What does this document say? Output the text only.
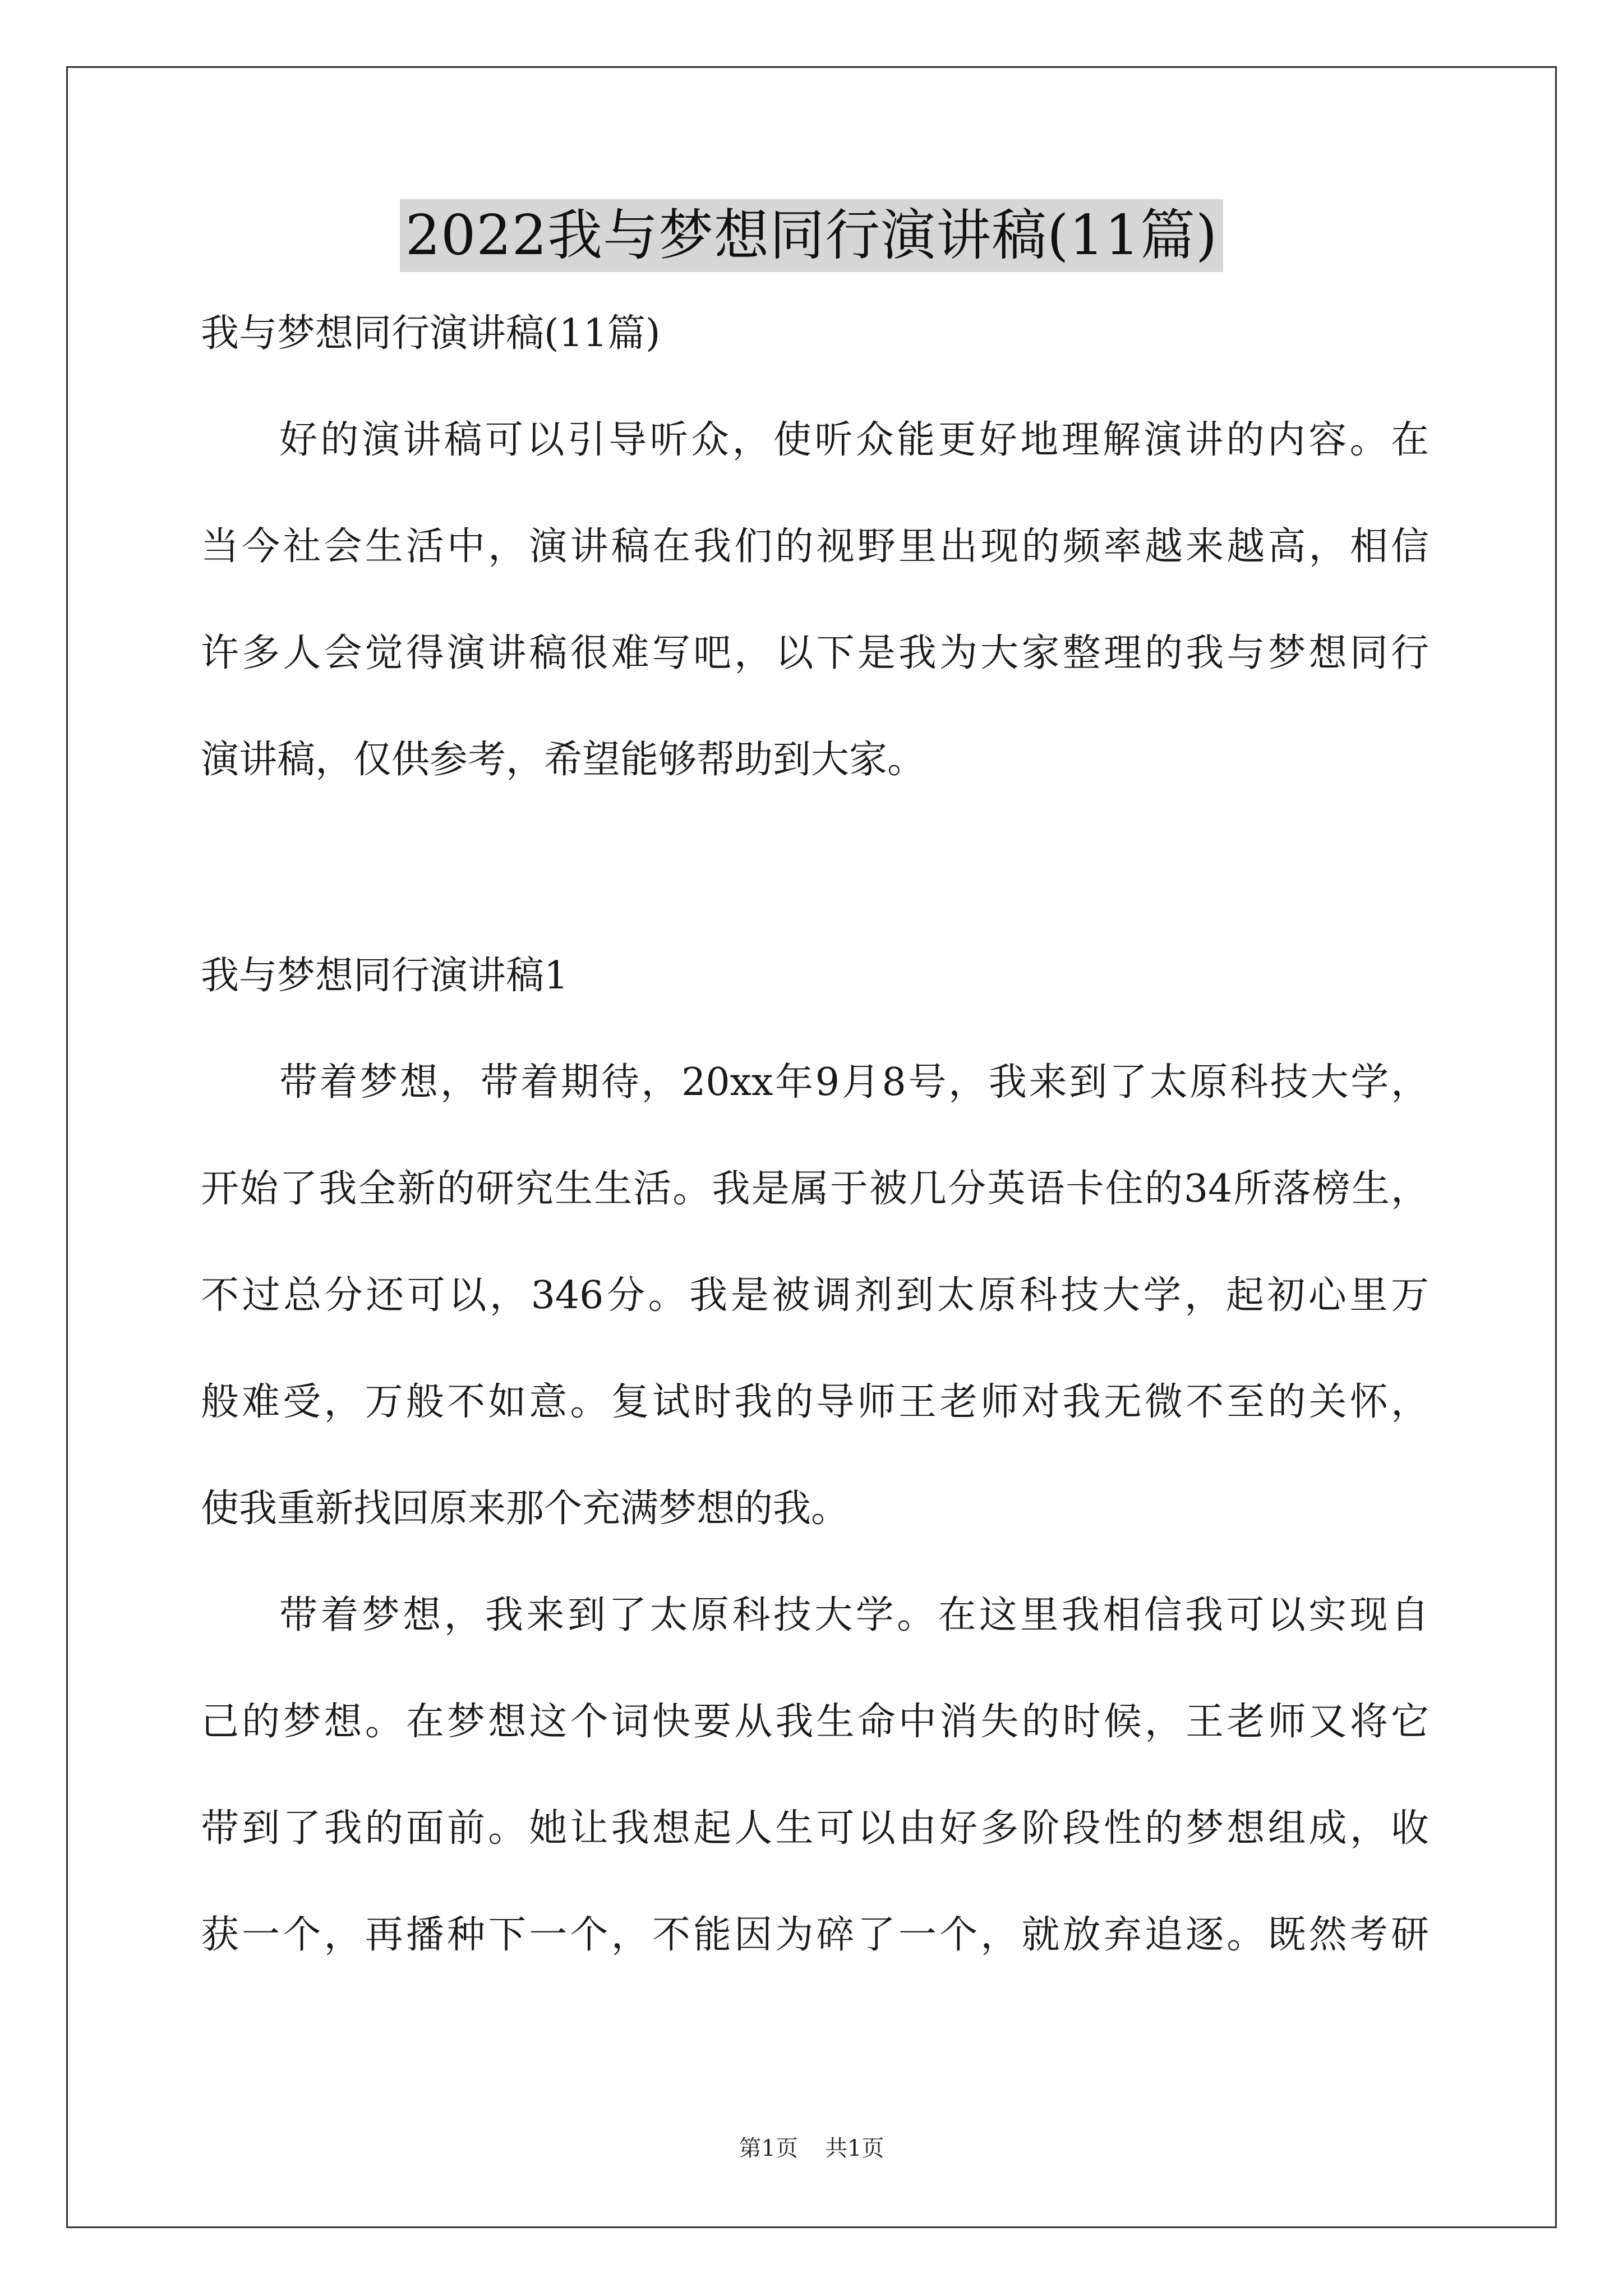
2022我与梦想同行演讲稿(11篇)
我与梦想同行演讲稿(11篇)
好的演讲稿可以引导听众，使听众能更好地理解演讲的内容。在
当今社会生活中，演讲稿在我们的视野里出现的频率越来越高，相信
许多人会觉得演讲稿很难写吧，以下是我为大家整理的我与梦想同行
演讲稿，仅供参考，希望能够帮助到大家。
我与梦想同行演讲稿1
带着梦想，带着期待，20xx年9月8号，我来到了太原科技大学，
开始了我全新的研究生生活。我是属于被几分英语卡住的34所落榜生，
不过总分还可以，346分。我是被调剂到太原科技大学，起初心里万
般难受，万般不如意。复试时我的导师王老师对我无微不至的关怀，
使我重新找回原来那个充满梦想的我。
带着梦想，我来到了太原科技大学。在这里我相信我可以实现自
己的梦想。在梦想这个词快要从我生命中消失的时候，王老师又将它
带到了我的面前。她让我想起人生可以由好多阶段性的梦想组成，收
获一个，再播种下一个，不能因为碎了一个，就放弃追逐。既然考研
第1页 共1页
